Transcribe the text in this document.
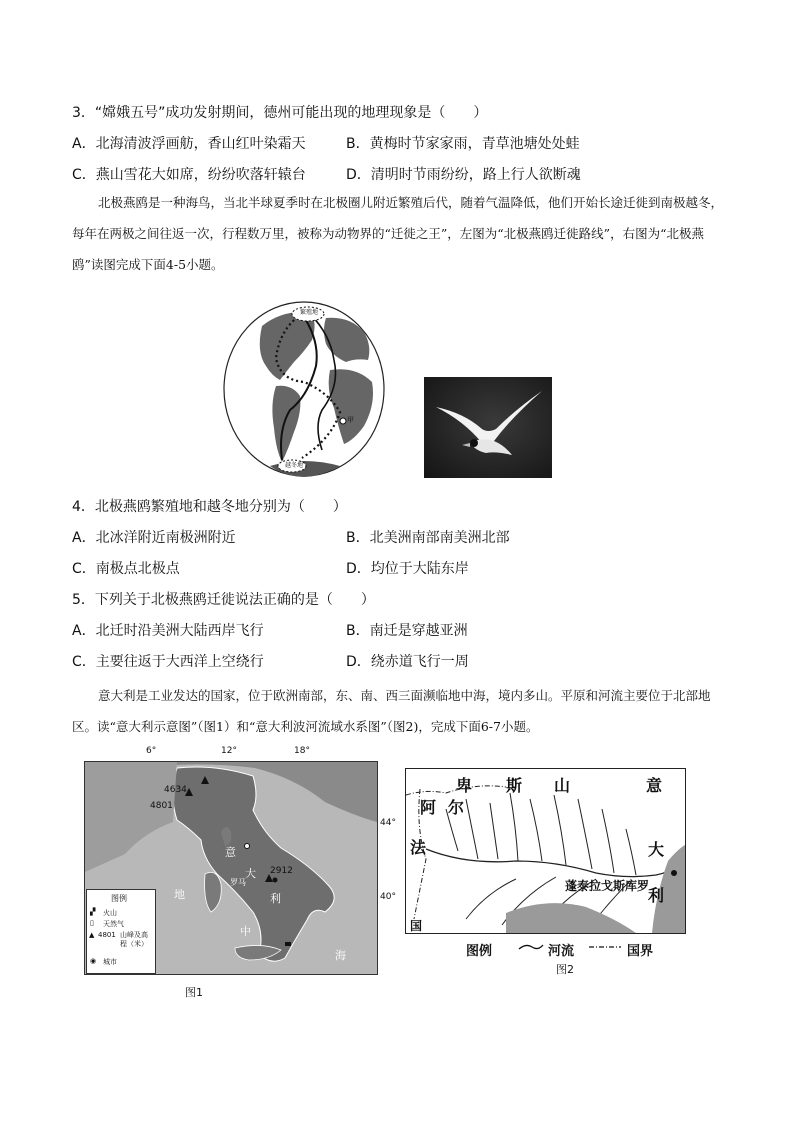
3．“嫦娥五号”成功发射期间，德州可能出现的地理现象是（　　）
A．北海清波浮画舫，香山红叶染霜天	B．黄梅时节家家雨，青草池塘处处蛙
C．燕山雪花大如席，纷纷吹落轩辕台	D．清明时节雨纷纷，路上行人欲断魂
北极燕鸥是一种海鸟，当北半球夏季时在北极圈儿附近繁殖后代，随着气温降低，他们开始长途迁徙到南极越冬，每年在两极之间往返一次，行程数万里，被称为动物界的“迁徙之王”，左图为“北极燕鸥迁徙路线”，右图为“北极燕鸥”读图完成下面4-5小题。
繁殖地
越冬地
甲
4．北极燕鸥繁殖地和越冬地分别为（　　）
A．北冰洋附近南极洲附近	B．北美洲南部南美洲北部
C．南极点北极点	D．均位于大陆东岸
5．下列关于北极燕鸥迁徙说法正确的是（　　）
A．北迁时沿美洲大陆西岸飞行	B．南迁是穿越亚洲
C．主要往返于大西洋上空绕行	D．绕赤道飞行一周
意大利是工业发达的国家，位于欧洲南部，东、南、西三面濒临地中海，境内多山。平原和河流主要位于北部地区。读“意大利示意图”（图1）和“意大利波河流域水系图”（图2)，完成下面6-7小题。
6°	12°	18°
4634
4801
2912
意
大
利
地
中
海
罗马
图例
▞ 火山
▯ 天然气
▲ 4801 山峰及高程（米）
◉ 城市
44°
40°
图1
卑 斯 山	意
阿 尔
法	大
利
国
蓬泰拉戈斯库罗
图例	河流	国界
图2
